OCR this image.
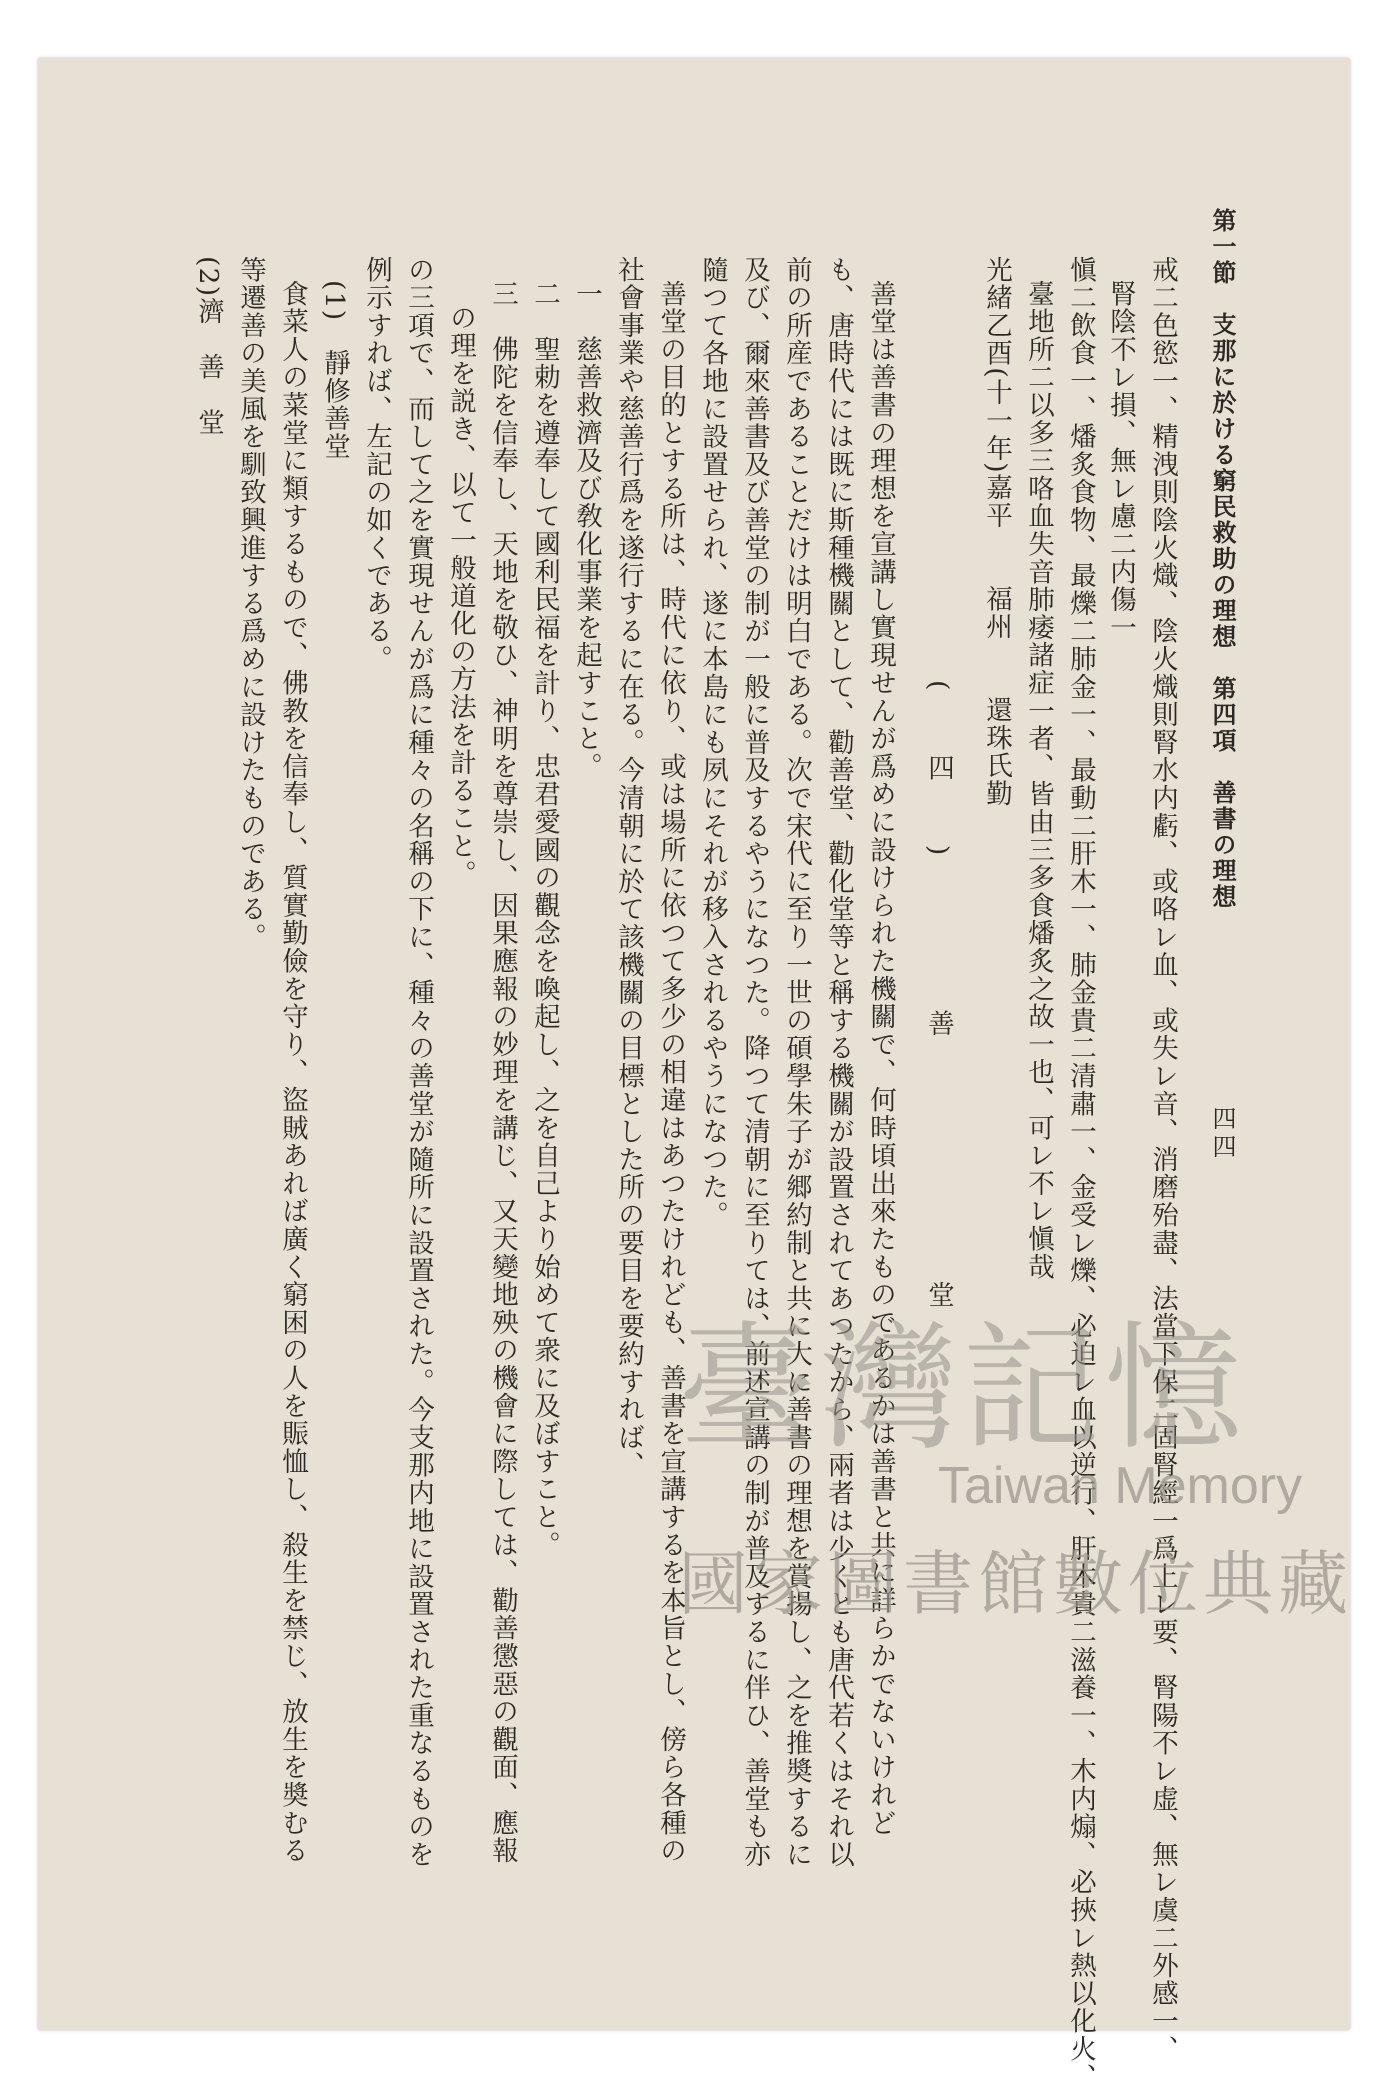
第一節　支那に於ける窮民救助の理想　第四項　善書の理想
四四
戒二色慾一、精洩則陰火熾、陰火熾則腎水内虧、或咯レ血、或失レ音、消磨殆盡、法當下保二固腎經一爲上レ要、腎陽不レ虚、無レ虞二外感一、
腎陰不レ損、無レ慮二内傷一
愼二飲食一、燔炙食物、最爍二肺金一、最動二肝木一、肺金貴二清肅一、金受レ爍、必迫レ血以逆行、肝木貴二滋養一、木内煽、必挾レ熱以化火、
臺地所二以多三咯血失音肺痿諸症一者、皆由三多食燔炙之故一也、可レ不レ愼哉
光緒乙酉(十一年)嘉平　　福州　　還珠氏勤
(四)　善　　堂
善堂は善書の理想を宣講し實現せんが爲めに設けられた機關で、何時頃出來たものであるかは善書と共に詳らかでないけれど
も、唐時代には既に斯種機關として、勸善堂、勸化堂等と稱する機關が設置されてあつたから、兩者は少くとも唐代若くはそれ以
前の所産であることだけは明白である。次で宋代に至り一世の碩學朱子が郷約制と共に大に善書の理想を賞揚し、之を推奬するに
及び、爾來善書及び善堂の制が一般に普及するやうになつた。降つて清朝に至りては、前述宣講の制が普及するに伴ひ、善堂も亦
隨つて各地に設置せられ、遂に本島にも夙にそれが移入されるやうになつた。
善堂の目的とする所は、時代に依り、或は場所に依つて多少の相違はあつたけれども、善書を宣講するを本旨とし、傍ら各種の
社會事業や慈善行爲を遂行するに在る。今清朝に於て該機關の目標とした所の要目を要約すれば、
一　慈善救濟及び敎化事業を起すこと。
二　聖勅を遵奉して國利民福を計り、忠君愛國の觀念を喚起し、之を自己より始めて衆に及ぼすこと。
三　佛陀を信奉し、天地を敬ひ、神明を尊崇し、因果應報の妙理を講じ、又天變地殃の機會に際しては、勸善懲惡の觀面、應報
の理を説き、以て一般道化の方法を計ること。
の三項で、而して之を實現せんが爲に種々の名稱の下に、種々の善堂が隨所に設置された。今支那内地に設置された重なるものを
例示すれば、左記の如くである。
(1)　靜修善堂
食菜人の菜堂に類するもので、佛教を信奉し、質實勤儉を守り、盜賊あれば廣く窮困の人を賑恤し、殺生を禁じ、放生を奬むる
等遷善の美風を馴致興進する爲めに設けたものである。
(2)濟　善　堂
臺灣記憶
Taiwan Memory
國家圖書館數位典藏
